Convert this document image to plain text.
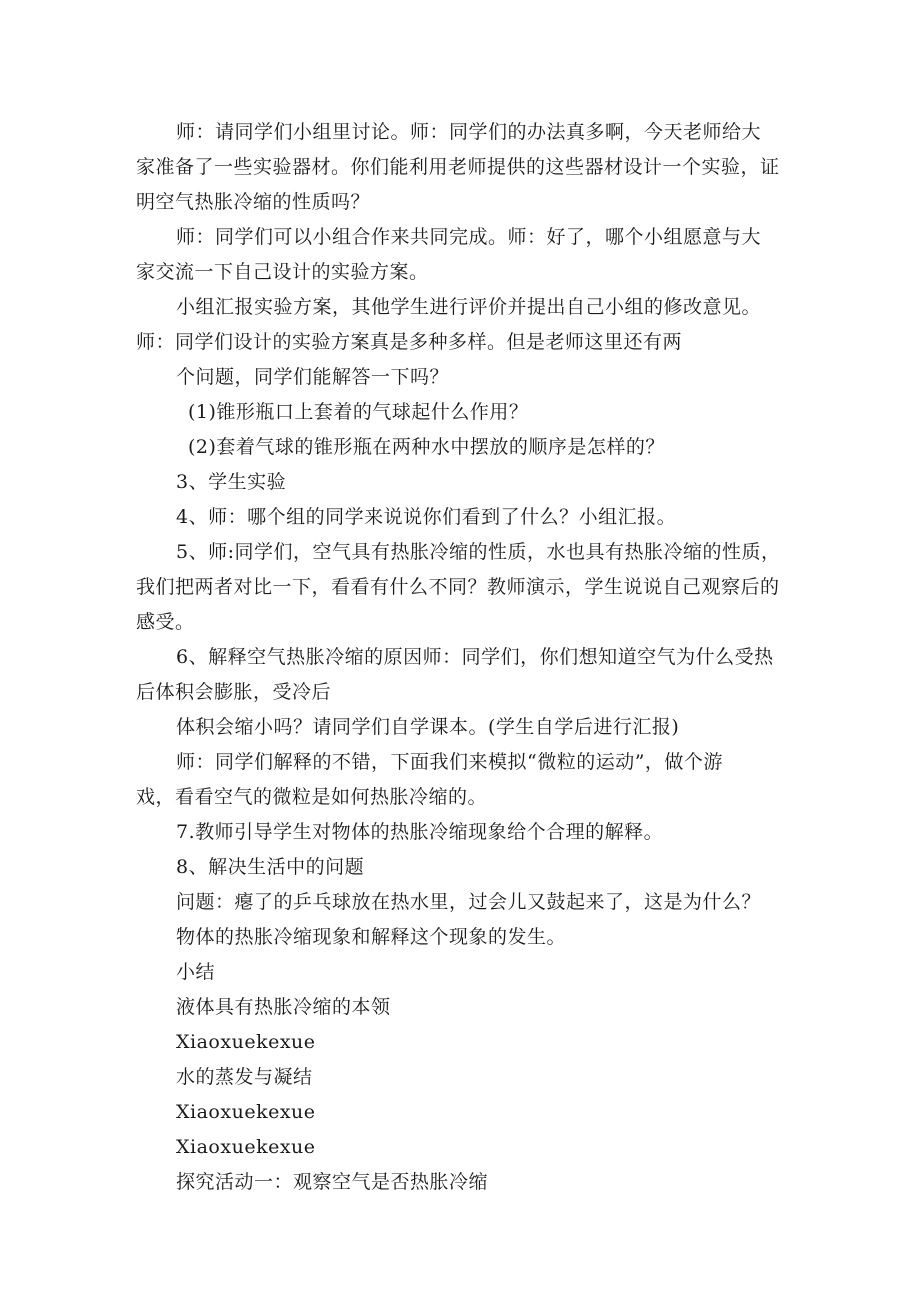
师：请同学们小组里讨论。师：同学们的办法真多啊，今天老师给大
家准备了一些实验器材。你们能利用老师提供的这些器材设计一个实验，证
明空气热胀冷缩的性质吗？
师：同学们可以小组合作来共同完成。师：好了，哪个小组愿意与大
家交流一下自己设计的实验方案。
小组汇报实验方案，其他学生进行评价并提出自己小组的修改意见。
师：同学们设计的实验方案真是多种多样。但是老师这里还有两
个问题，同学们能解答一下吗？
(1)锥形瓶口上套着的气球起什么作用？
(2)套着气球的锥形瓶在两种水中摆放的顺序是怎样的？
3、学生实验
4、师：哪个组的同学来说说你们看到了什么？小组汇报。
5、师:同学们，空气具有热胀冷缩的性质，水也具有热胀冷缩的性质，
我们把两者对比一下，看看有什么不同？教师演示，学生说说自己观察后的
感受。
6、解释空气热胀冷缩的原因师：同学们，你们想知道空气为什么受热
后体积会膨胀，受冷后
体积会缩小吗？请同学们自学课本。(学生自学后进行汇报)
师：同学们解释的不错，下面我们来模拟“微粒的运动”，做个游
戏，看看空气的微粒是如何热胀冷缩的。
7.教师引导学生对物体的热胀冷缩现象给个合理的解释。
8、解决生活中的问题
问题：瘪了的乒乓球放在热水里，过会儿又鼓起来了，这是为什么？
物体的热胀冷缩现象和解释这个现象的发生。
小结
液体具有热胀冷缩的本领
Xiaoxuekexue
水的蒸发与凝结
Xiaoxuekexue
Xiaoxuekexue
探究活动一：观察空气是否热胀冷缩
